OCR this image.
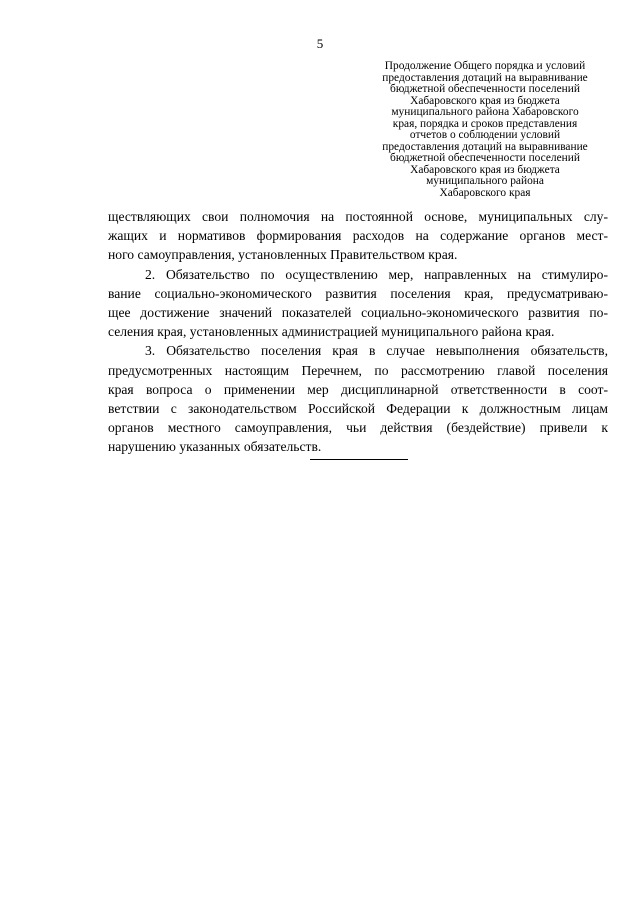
5
Продолжение Общего порядка и условий
предоставления дотаций на выравнивание
бюджетной обеспеченности поселений
Хабаровского края из бюджета
муниципального района Хабаровского
края, порядка и сроков представления
отчетов о соблюдении условий
предоставления дотаций на выравнивание
бюджетной обеспеченности поселений
Хабаровского края из бюджета
муниципального района
Хабаровского края
ществляющих свои полномочия на постоянной основе, муниципальных слу-
жащих и нормативов формирования расходов на содержание органов мест-
ного самоуправления, установленных Правительством края.
2. Обязательство по осуществлению мер, направленных на стимулиро-
вание социально-экономического развития поселения края, предусматриваю-
щее достижение значений показателей социально-экономического развития по-
селения края, установленных администрацией муниципального района края.
3. Обязательство поселения края в случае невыполнения обязательств,
предусмотренных настоящим Перечнем, по рассмотрению главой поселения
края вопроса о применении мер дисциплинарной ответственности в соот-
ветствии с законодательством Российской Федерации к должностным лицам
органов местного самоуправления, чьи действия (бездействие) привели к
нарушению указанных обязательств.
